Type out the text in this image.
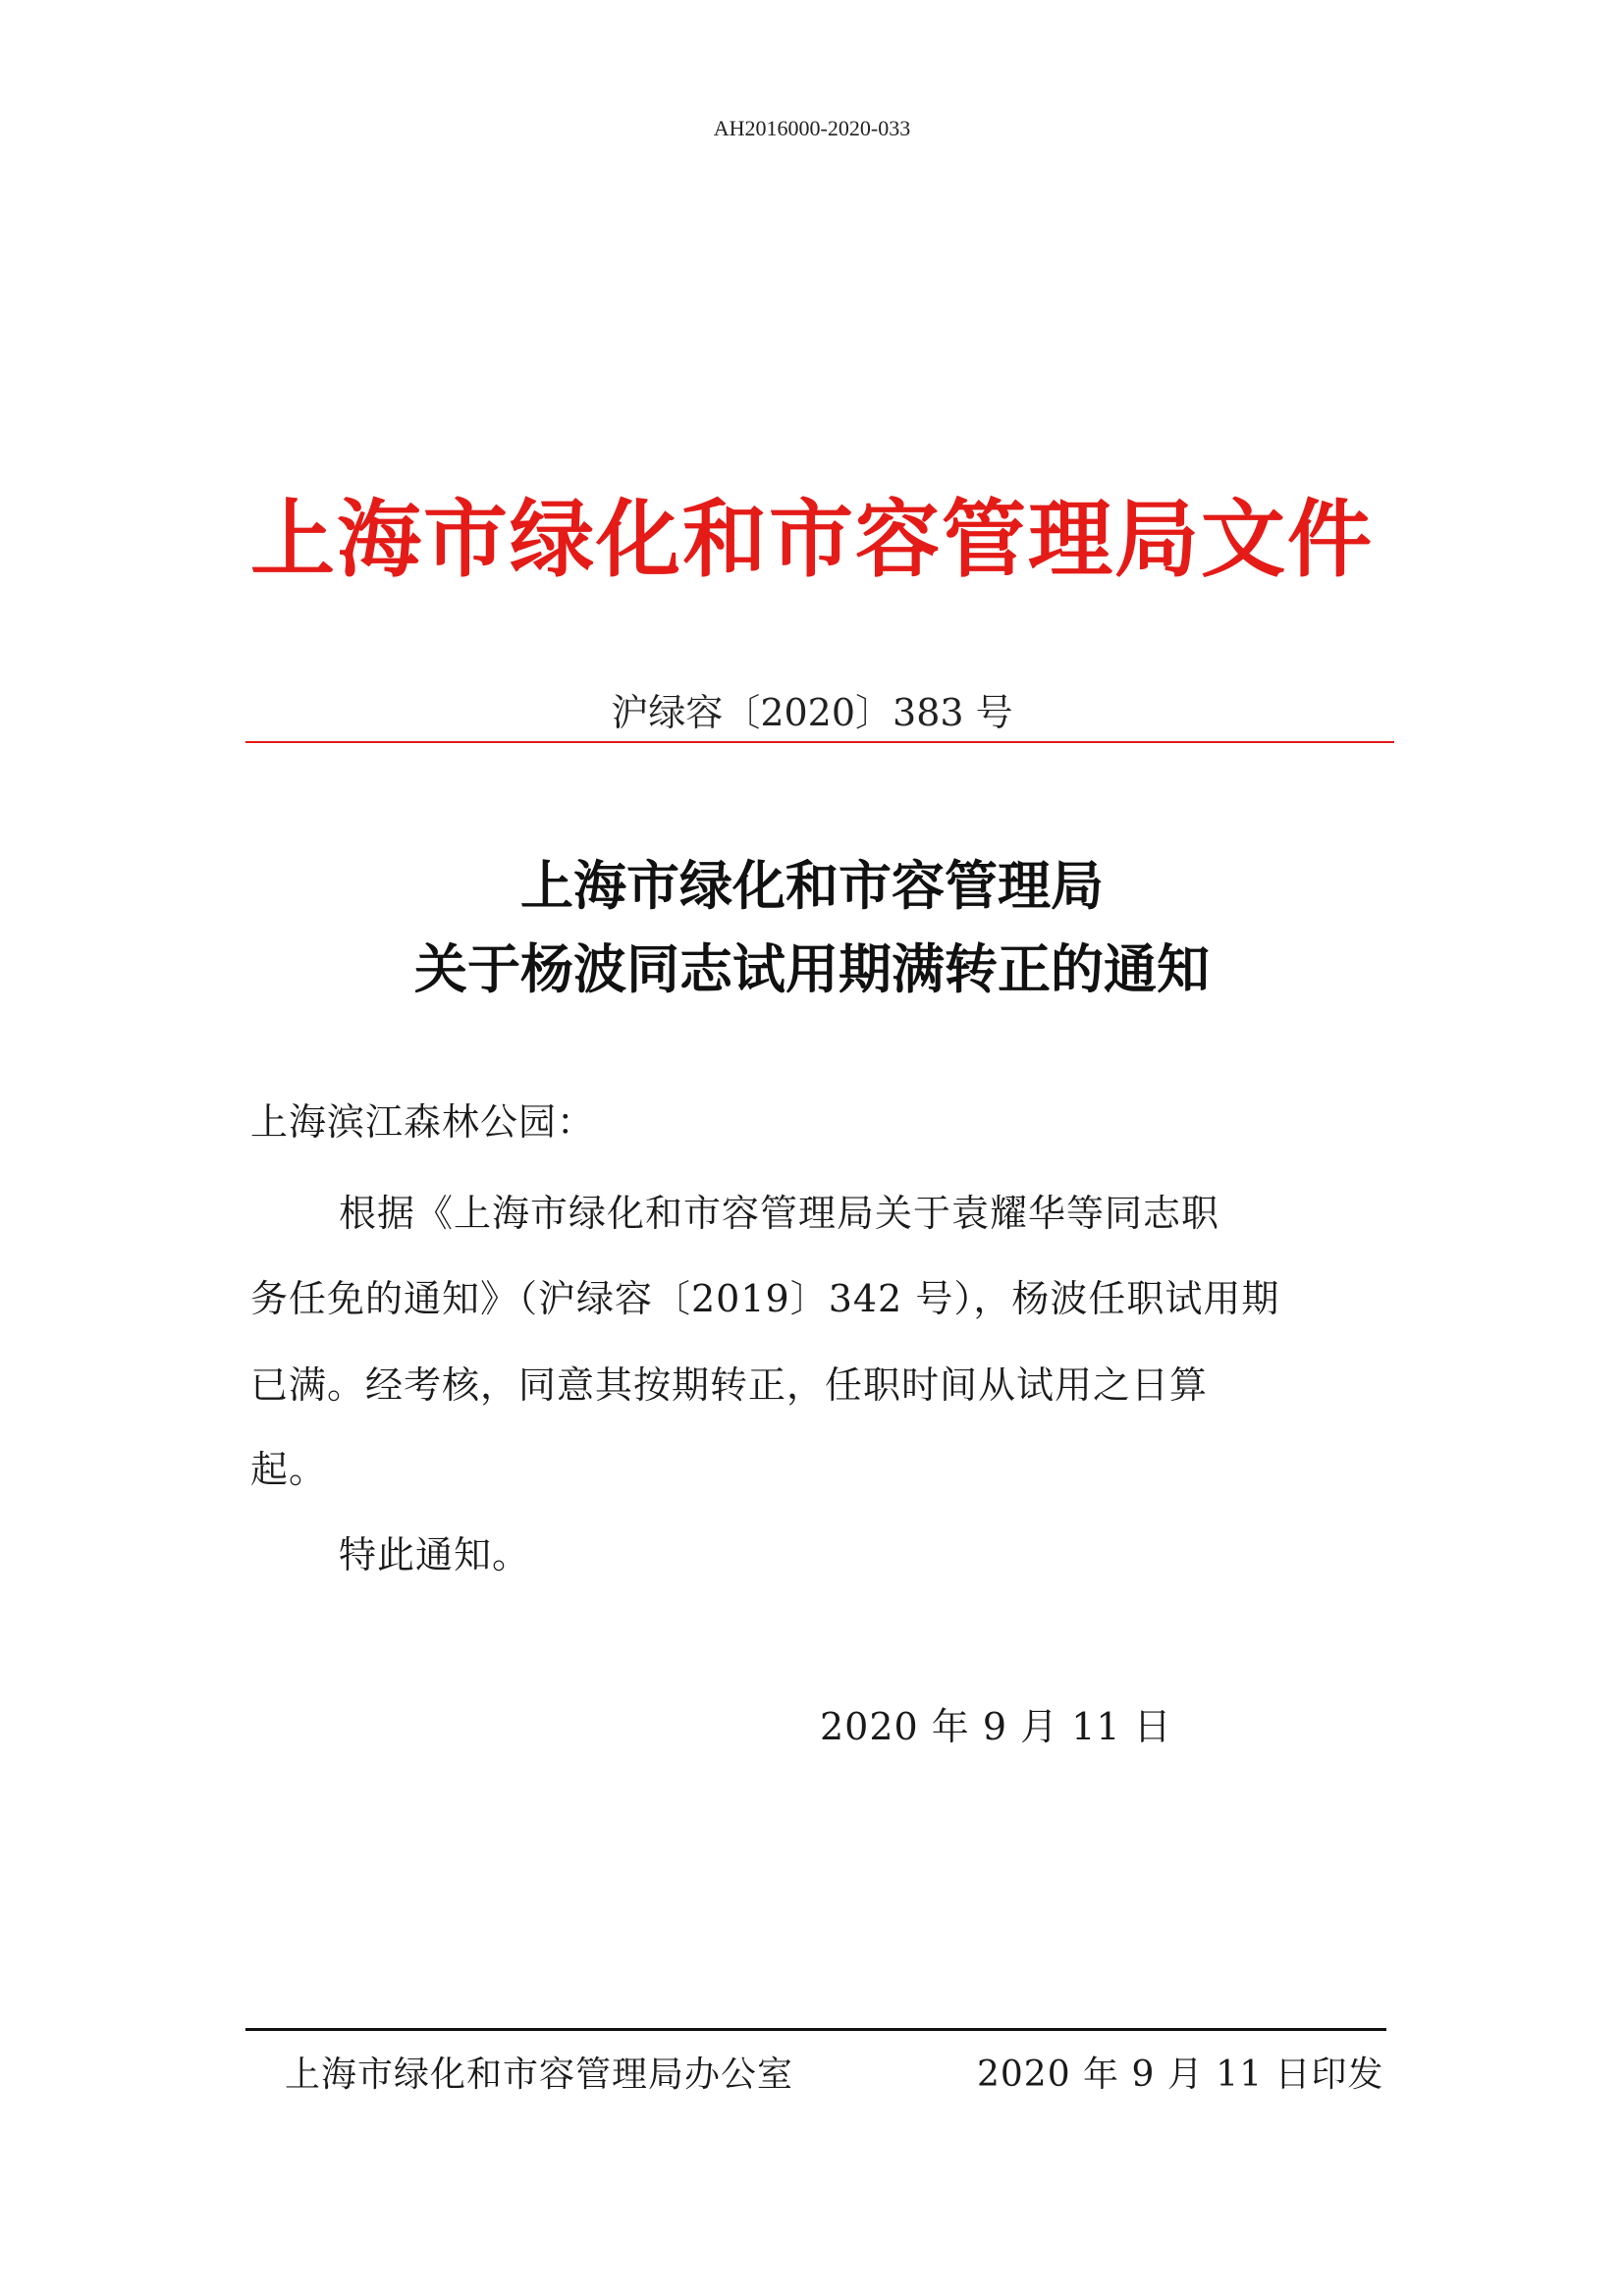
AH2016000-2020-033
上海市绿化和市容管理局文件
沪绿容〔2020〕383 号
上海市绿化和市容管理局
关于杨波同志试用期满转正的通知
上海滨江森林公园：
根据《上海市绿化和市容管理局关于袁耀华等同志职
务任免的通知》（沪绿容〔2019〕342 号），杨波任职试用期
已满。经考核，同意其按期转正，任职时间从试用之日算
起。
特此通知。
2020 年 9 月 11 日
上海市绿化和市容管理局办公室	2020 年 9 月 11 日印发
